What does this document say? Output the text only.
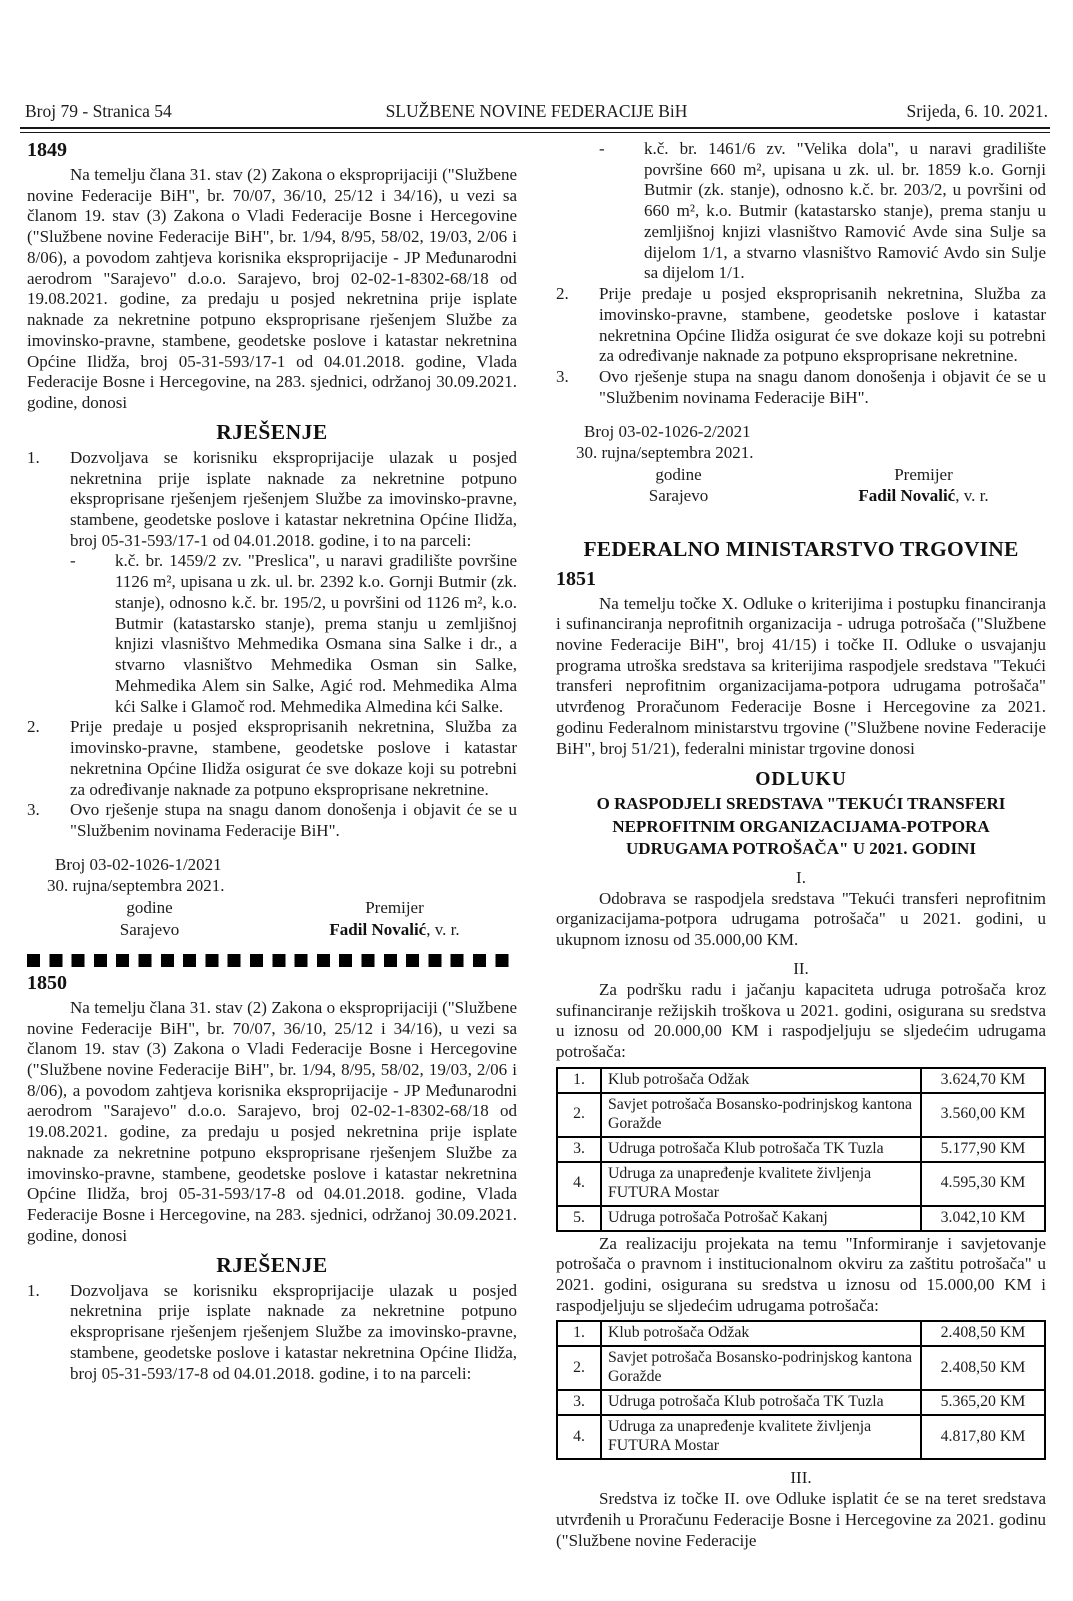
SLUŽBENE NOVINE FEDERACIJE BiH
Broj 79 - Stranica 54	Srijeda, 6. 10. 2021.
1849

Na temelju člana 31. stav (2) Zakona o eksproprijaciji ("Službene novine Federacije BiH", br. 70/07, 36/10, 25/12 i 34/16), u vezi sa članom 19. stav (3) Zakona o Vladi Federacije Bosne i Hercegovine ("Službene novine Federacije BiH", br. 1/94, 8/95, 58/02, 19/03, 2/06 i 8/06), a povodom zahtjeva korisnika eksproprijacije - JP Međunarodni aerodrom "Sarajevo" d.o.o. Sarajevo, broj 02-02-1-8302-68/18 od 19.08.2021. godine, za predaju u posjed nekretnina prije isplate naknade za nekretnine potpuno eksproprisane rješenjem Službe za imovinsko-pravne, stambene, geodetske poslove i katastar nekretnina Općine Ilidža, broj 05-31-593/17-1 od 04.01.2018. godine, Vlada Federacije Bosne i Hercegovine, na 283. sjednici, održanoj 30.09.2021. godine, donosi

RJEŠENJE
1.	Dozvoljava se korisniku eksproprijacije ulazak u posjed nekretnina prije isplate naknade za nekretnine potpuno eksproprisane rješenjem rješenjem Službe za imovinsko-pravne, stambene, geodetske poslove i katastar nekretnina Općine Ilidža, broj 05-31-593/17-1 od 04.01.2018. godine, i to na parceli:
-	k.č. br. 1459/2 zv. "Preslica", u naravi gradilište površine 1126 m², upisana u zk. ul. br. 2392 k.o. Gornji Butmir (zk. stanje), odnosno k.č. br. 195/2, u površini od 1126 m², k.o. Butmir (katastarsko stanje), prema stanju u zemljišnoj knjizi vlasništvo Mehmedika Osmana sina Salke i dr., a stvarno vlasništvo Mehmedika Osman sin Salke, Mehmedika Alem sin Salke, Agić rod. Mehmedika Alma kći Salke i Glamoč rod. Mehmedika Almedina kći Salke.
2.	Prije predaje u posjed eksproprisanih nekretnina, Služba za imovinsko-pravne, stambene, geodetske poslove i katastar nekretnina Općine Ilidža osigurat će sve dokaze koji su potrebni za određivanje naknade za potpuno eksproprisane nekretnine.
3.	Ovo rješenje stupa na snagu danom donošenja i objavit će se u "Službenim novinama Federacije BiH".
Broj 03-02-1026-1/2021
30. rujna/septembra 2021.
godine
Sarajevo
Premijer
Fadil Novalić, v. r.
1850

Na temelju člana 31. stav (2) Zakona o eksproprijaciji ("Službene novine Federacije BiH", br. 70/07, 36/10, 25/12 i 34/16), u vezi sa članom 19. stav (3) Zakona o Vladi Federacije Bosne i Hercegovine ("Službene novine Federacije BiH", br. 1/94, 8/95, 58/02, 19/03, 2/06 i 8/06), a povodom zahtjeva korisnika eksproprijacije - JP Međunarodni aerodrom "Sarajevo" d.o.o. Sarajevo, broj 02-02-1-8302-68/18 od 19.08.2021. godine, za predaju u posjed nekretnina prije isplate naknade za nekretnine potpuno eksproprisane rješenjem Službe za imovinsko-pravne, stambene, geodetske poslove i katastar nekretnina Općine Ilidža, broj 05-31-593/17-8 od 04.01.2018. godine, Vlada Federacije Bosne i Hercegovine, na 283. sjednici, održanoj 30.09.2021. godine, donosi

RJEŠENJE
1.	Dozvoljava se korisniku eksproprijacije ulazak u posjed nekretnina prije isplate naknade za nekretnine potpuno eksproprisane rješenjem rješenjem Službe za imovinsko-pravne, stambene, geodetske poslove i katastar nekretnina Općine Ilidža, broj 05-31-593/17-8 od 04.01.2018. godine, i to na parceli:
-	k.č. br. 1461/6 zv. "Velika dola", u naravi gradilište površine 660 m², upisana u zk. ul. br. 1859 k.o. Gornji Butmir (zk. stanje), odnosno k.č. br. 203/2, u površini od 660 m², k.o. Butmir (katastarsko stanje), prema stanju u zemljišnoj knjizi vlasništvo Ramović Avde sina Sulje sa dijelom 1/1, a stvarno vlasništvo Ramović Avdo sin Sulje sa dijelom 1/1.
2.	Prije predaje u posjed eksproprisanih nekretnina, Služba za imovinsko-pravne, stambene, geodetske poslove i katastar nekretnina Općine Ilidža osigurat će sve dokaze koji su potrebni za određivanje naknade za potpuno eksproprisane nekretnine.
3.	Ovo rješenje stupa na snagu danom donošenja i objavit će se u "Službenim novinama Federacije BiH".
Broj 03-02-1026-2/2021
30. rujna/septembra 2021.
godine
Sarajevo
Premijer
Fadil Novalić, v. r.
FEDERALNO MINISTARSTVO TRGOVINE
1851

Na temelju točke X. Odluke o kriterijima i postupku financiranja i sufinanciranja neprofitnih organizacija - udruga potrošača ("Službene novine Federacije BiH", broj 41/15) i točke II. Odluke o usvajanju programa utroška sredstava sa kriterijima raspodjele sredstava "Tekući transferi neprofitnim organizacijama-potpora udrugama potrošača" utvrđenog Proračunom Federacije Bosne i Hercegovine za 2021. godinu Federalnom ministarstvu trgovine ("Službene novine Federacije BiH", broj 51/21), federalni ministar trgovine donosi

ODLUKU
O RASPODJELI SREDSTAVA "TEKUĆI TRANSFERI NEPROFITNIM ORGANIZACIJAMA-POTPORA UDRUGAMA POTROŠAČA" U 2021. GODINI
I.

Odobrava se raspodjela sredstava "Tekući transferi neprofitnim organizacijama-potpora udrugama potrošača" u 2021. godini, u ukupnom iznosu od 35.000,00 KM.

II.

Za podršku radu i jačanju kapaciteta udruga potrošača kroz sufinanciranje režijskih troškova u 2021. godini, osigurana su sredstva u iznosu od 20.000,00 KM i raspodjeljuju se sljedećim udrugama potrošača:

1.	Klub potrošača Odžak	3.624,70 KM
2.	Savjet potrošača Bosansko-podrinjskog kantona Goražde	3.560,00 KM
3.	Udruga potrošača Klub potrošača TK Tuzla	5.177,90 KM
4.	Udruga za unapređenje kvalitete življenja FUTURA Mostar	4.595,30 KM
5.	Udruga potrošača Potrošač Kakanj	3.042,10 KM

Za realizaciju projekata na temu "Informiranje i savjetovanje potrošača o pravnom i institucionalnom okviru za zaštitu potrošača" u 2021. godini, osigurana su sredstva u iznosu od 15.000,00 KM i raspodjeljuju se sljedećim udrugama potrošača:

1.	Klub potrošača Odžak	2.408,50 KM
2.	Savjet potrošača Bosansko-podrinjskog kantona Goražde	2.408,50 KM
3.	Udruga potrošača Klub potrošača TK Tuzla	5.365,20 KM
4.	Udruga za unapređenje kvalitete življenja FUTURA Mostar	4.817,80 KM
III.

Sredstva iz točke II. ove Odluke isplatit će se na teret sredstava utvrđenih u Proračunu Federacije Bosne i Hercegovine za 2021. godinu ("Službene novine Federacije
